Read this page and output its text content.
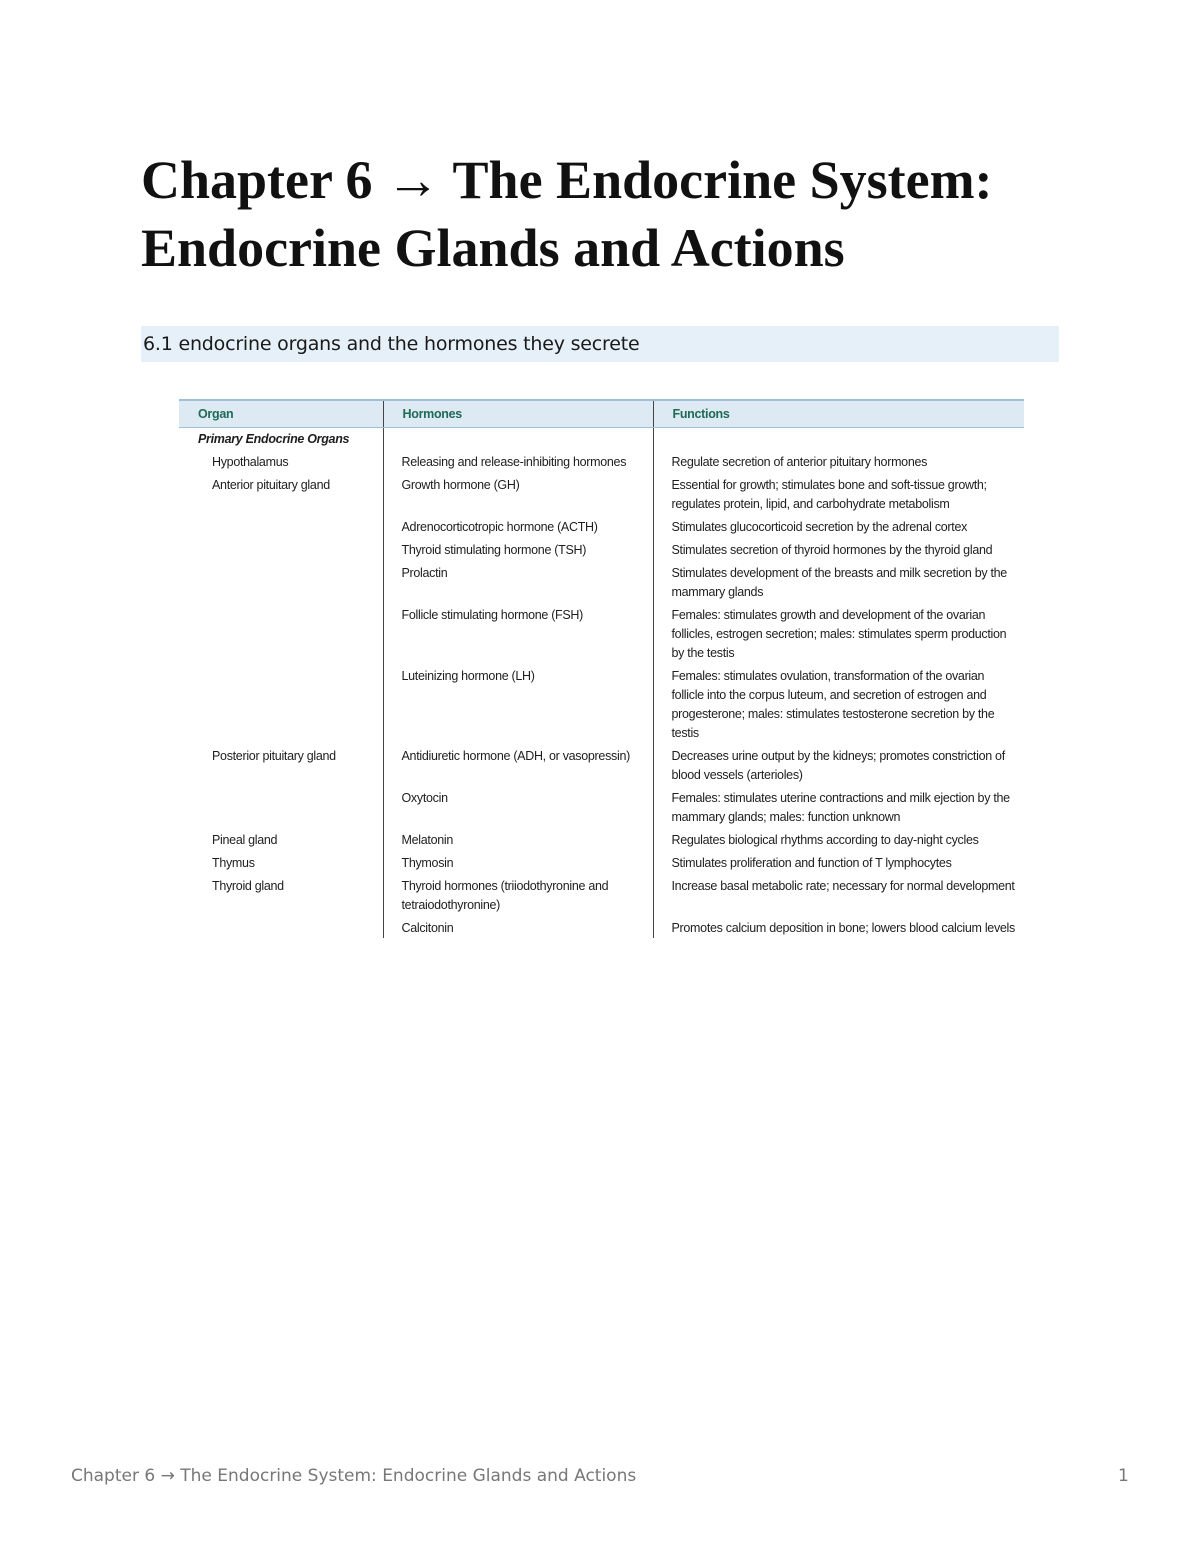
Chapter 6 → The Endocrine System:
Endocrine Glands and Actions
6.1 endocrine organs and the hormones they secrete
Organ	Hormones	Functions
Primary Endocrine Organs		
Hypothalamus	Releasing and release-inhibiting hormones	Regulate secretion of anterior pituitary hormones
Anterior pituitary gland	Growth hormone (GH)	Essential for growth; stimulates bone and soft-tissue growth; regulates protein, lipid, and carbohydrate metabolism
	Adrenocorticotropic hormone (ACTH)	Stimulates glucocorticoid secretion by the adrenal cortex
	Thyroid stimulating hormone (TSH)	Stimulates secretion of thyroid hormones by the thyroid gland
	Prolactin	Stimulates development of the breasts and milk secretion by the mammary glands
	Follicle stimulating hormone (FSH)	Females: stimulates growth and development of the ovarian follicles, estrogen secretion; males: stimulates sperm production by the testis
	Luteinizing hormone (LH)	Females: stimulates ovulation, transformation of the ovarian follicle into the corpus luteum, and secretion of estrogen and progesterone; males: stimulates testosterone secretion by the testis
Posterior pituitary gland	Antidiuretic hormone (ADH, or vasopressin)	Decreases urine output by the kidneys; promotes constriction of blood vessels (arterioles)
	Oxytocin	Females: stimulates uterine contractions and milk ejection by the mammary glands; males: function unknown
Pineal gland	Melatonin	Regulates biological rhythms according to day-night cycles
Thymus	Thymosin	Stimulates proliferation and function of T lymphocytes
Thyroid gland	Thyroid hormones (triiodothyronine and tetraiodothyronine)	Increase basal metabolic rate; necessary for normal development
	Calcitonin	Promotes calcium deposition in bone; lowers blood calcium levels
Chapter 6 → The Endocrine System: Endocrine Glands and Actions	1
